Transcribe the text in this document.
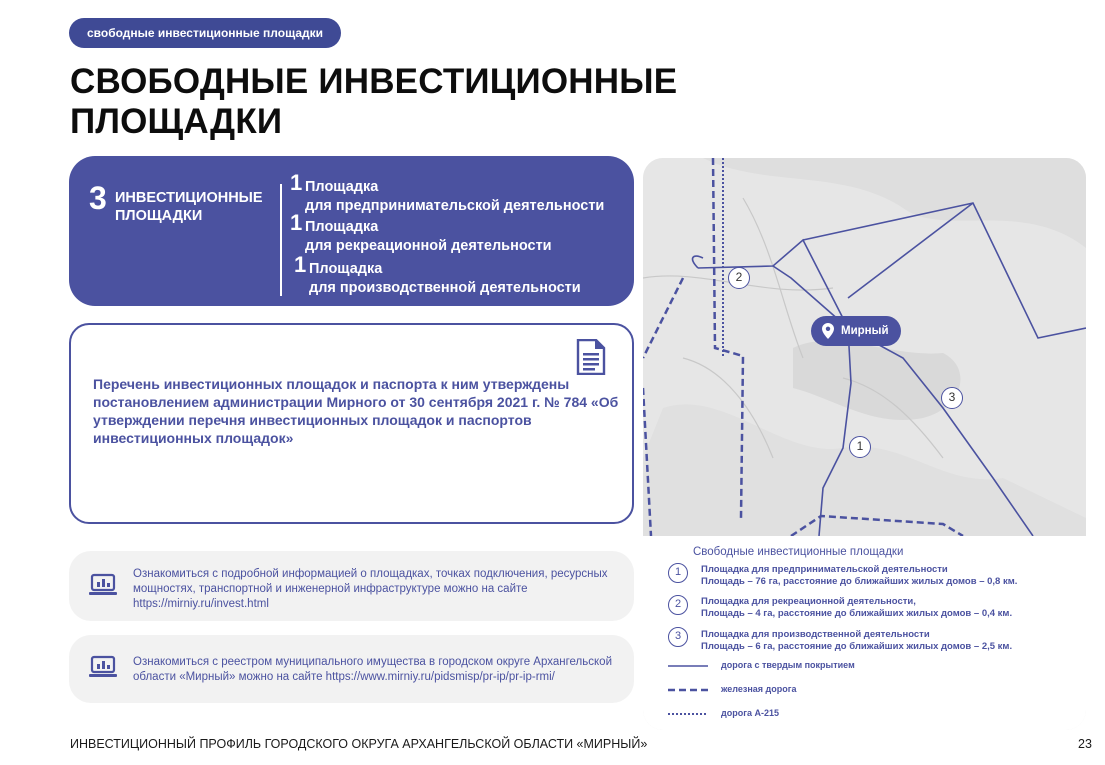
свободные инвестиционные площадки
СВОБОДНЫЕ ИНВЕСТИЦИОННЫЕ ПЛОЩАДКИ
3 ИНВЕСТИЦИОННЫЕ
ПЛОЩАДКИ
1 Площадка
для предпринимательской деятельности
1 Площадка
для рекреационной деятельности
1 Площадка
для производственной деятельности
Перечень инвестиционных площадок и паспорта к ним утверждены постановлением администрации Мирного от 30 сентября 2021 г. № 784 «Об утверждении перечня инвестиционных площадок и паспортов инвестиционных площадок»
Ознакомиться с подробной информацией о площадках, точках подключения, ресурсных мощностях, транспортной и инженерной инфраструктуре можно на сайте https://mirniy.ru/invest.html
Ознакомиться с реестром муниципального имущества в городском округе Архангельской области «Мирный» можно на сайте https://www.mirniy.ru/pidsmisp/pr-ip/pr-ip-rmi/
Мирный
2
1
3
Свободные инвестиционные площадки
1	Площадка для предпринимательской деятельности
Площадь – 76 га, расстояние до ближайших жилых домов – 0,8 км.
2	Площадка для рекреационной деятельности,
Площадь – 4 га, расстояние до ближайших жилых домов – 0,4 км.
3	Площадка для производственной деятельности
Площадь – 6 га, расстояние до ближайших жилых домов – 2,5 км.
дорога с твердым покрытием
железная дорога
дорога А-215
ИНВЕСТИЦИОННЫЙ ПРОФИЛЬ ГОРОДСКОГО ОКРУГА АРХАНГЕЛЬСКОЙ ОБЛАСТИ «МИРНЫЙ»	23
